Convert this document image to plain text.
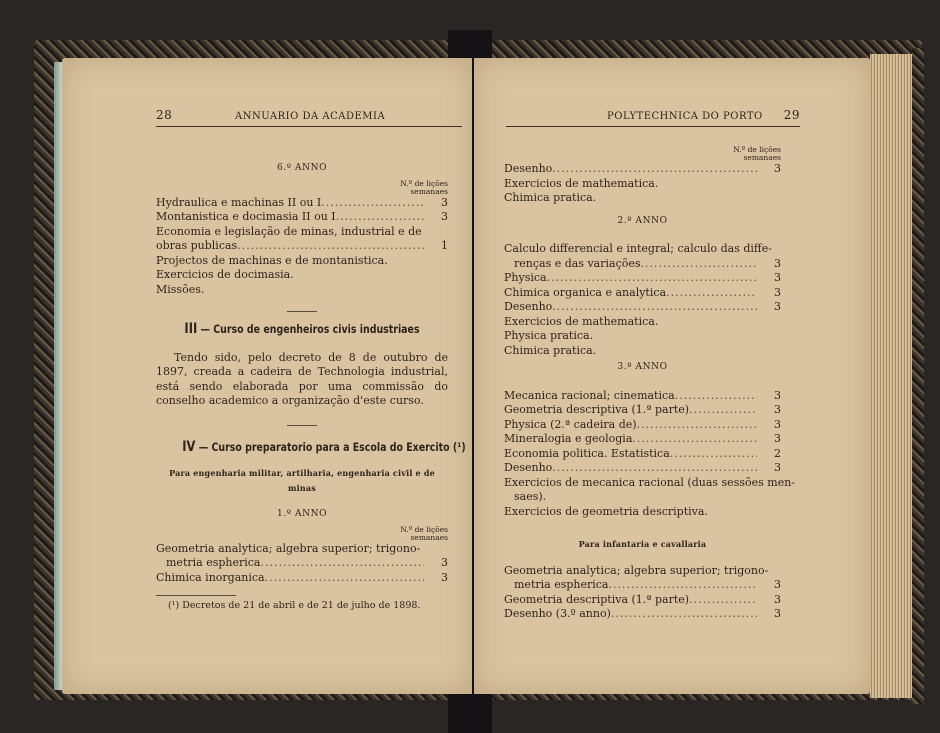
28	ANNUARIO DA ACADEMIA
6.º ANNO
N.º de lições
semanaes
Hydraulica e machinas II ou I .....	3
Montanistica e docimasia II ou I .....	3
Economia e legislação de minas, industrial e de
obras publicas .....	1
Projectos de machinas e de montanistica.
Exercicios de docimasia.
Missões.
III — Curso de engenheiros civis industriaes

Tendo sido, pelo decreto de 8 de outubro de 1897, creada a cadeira de Technologia industrial, está sendo elaborada por uma commissão do conselho academico a organização d'este curso.

IV — Curso preparatorio para a Escola do Exercito (¹)
Para engenharia militar, artilharia, engenharia civil e de minas
1.º ANNO
N.º de lições
semanaes
Geometria analytica; algebra superior; trigono-
metria espherica .....	3
Chimica inorganica .....	3
(¹) Decretos de 21 de abril e de 21 de julho de 1898.
POLYTECHNICA DO PORTO 29
N.º de lições
semanaes
Desenho .....	3
Exercicios de mathematica.
Chimica pratica.
2.º ANNO
Calculo differencial e integral; calculo das diffe-
renças e das variações .....	3
Physica .....	3
Chimica organica e analytica .....	3
Desenho .....	3
Exercicios de mathematica.
Physica pratica.
Chimica pratica.
3.º ANNO
Mecanica racional; cinematica .....	3
Geometria descriptiva (1.ª parte) .....	3
Physica (2.ª cadeira de) .....	3
Mineralogia e geologia .....	3
Economia politica. Estatistica .....	2
Desenho .....	3
Exercicios de mecanica racional (duas sessões men-
saes).
Exercicios de geometria descriptiva.
Para infantaria e cavallaria
Geometria analytica; algebra superior; trigono-
metria espherica .....	3
Geometria descriptiva (1.ª parte) .....	3
Desenho (3.º anno) .....	3
